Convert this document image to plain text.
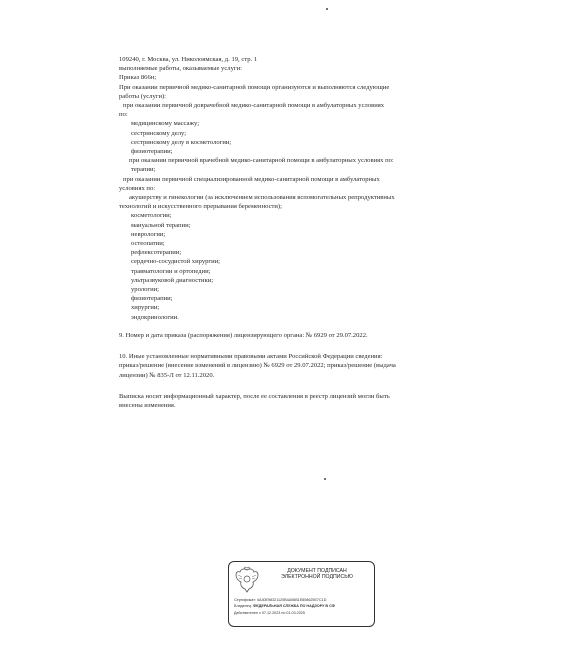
109240, г. Москва, ул. Николоямская, д. 19, стр. 1
выполняемые работы, оказываемые услуги:
Приказ 866н;
При оказании первичной медико-санитарной помощи организуются и выполняются следующие
работы (услуги):
при оказании первичной доврачебной медико-санитарной помощи в амбулаторных условиях
по:
медицинскому массажу;
сестринскому делу;
сестринскому делу в косметологии;
физиотерапии;
при оказании первичной врачебной медико-санитарной помощи в амбулаторных условиях по:
терапии;
при оказании первичной специализированной медико-санитарной помощи в амбулаторных
условиях по:
акушерству и гинекологии (за исключением использования вспомогательных репродуктивных
технологий и искусственного прерывания беременности);
косметологии;
мануальной терапии;
неврологии;
остеопатии;
рефлексотерапии;
сердечно-сосудистой хирургии;
травматологии и ортопедии;
ультразвуковой диагностики;
урологии;
физиотерапии;
хирургии;
эндокринологии.
9. Номер и дата приказа (распоряжения) лицензирующего органа: № 6929 от 29.07.2022.
10. Иные установленные нормативными правовыми актами Российской Федерации сведения:
приказ/решение (внесение изменений в лицензию) № 6929 от 29.07.2022; приказ/решение (выдача
лицензии) № 835-Л от 12.11.2020.
Выписка носит информационный характер, после ее составления в реестр лицензий могли быть
внесены изменения.
ДОКУМЕНТ ПОДПИСАН
ЭЛЕКТРОННОЙ ПОДПИСЬЮ
Сертификат: 4A30E98321120B4A06B1E808625E7C1D
Владелец: ФЕДЕРАЛЬНАЯ СЛУЖБА ПО НАДЗОРУ В СФ
Действителен с 07.12.2023 по 01.03.2025
